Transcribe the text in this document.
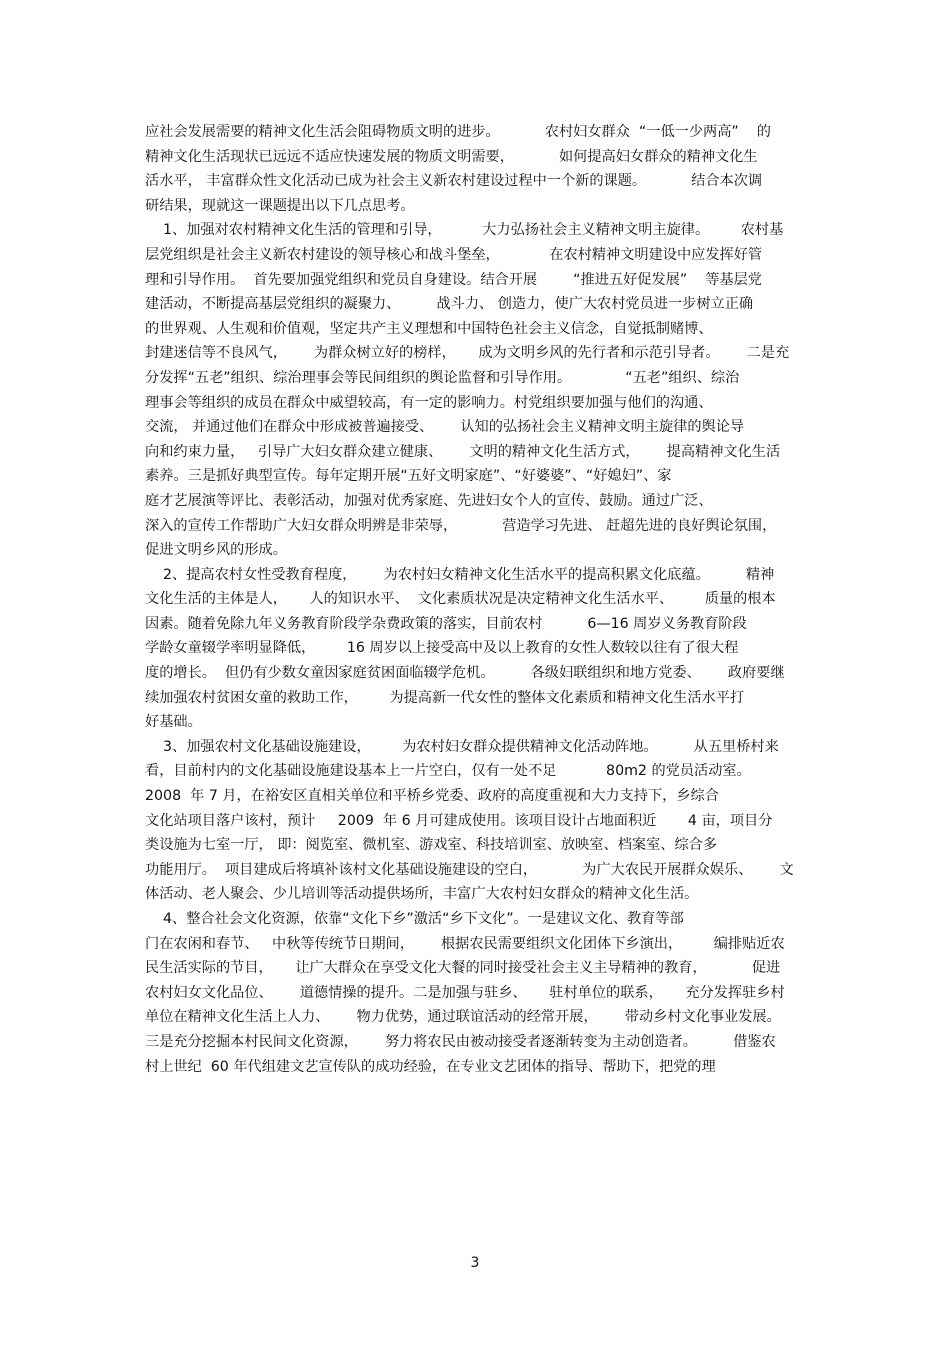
应社会发展需要的精神文化生活会阻碍物质文明的进步。          农村妇女群众  “一低一少两高”    的
精神文化生活现状已远远不适应快速发展的物质文明需要，          如何提高妇女群众的精神文化生
活水平， 丰富群众性文化活动已成为社会主义新农村建设过程中一个新的课题。          结合本次调
研结果，现就这一课题提出以下几点思考。
1、加强对农村精神文化生活的管理和引导，         大力弘扬社会主义精神文明主旋律。       农村基
层党组织是社会主义新农村建设的领导核心和战斗堡垒，           在农村精神文明建设中应发挥好管
理和引导作用。  首先要加强党组织和党员自身建设。结合开展        “推进五好促发展”    等基层党
建活动，不断提高基层党组织的凝聚力、        战斗力、 创造力，使广大农村党员进一步树立正确
的世界观、人生观和价值观，坚定共产主义理想和中国特色社会主义信念，自觉抵制赌博、
封建迷信等不良风气，      为群众树立好的榜样，     成为文明乡风的先行者和示范引导者。      二是充
分发挥“五老”组织、综治理事会等民间组织的舆论监督和引导作用。            “五老”组织、综治
理事会等组织的成员在群众中威望较高，有一定的影响力。村党组织要加强与他们的沟通、
交流， 并通过他们在群众中形成被普遍接受、      认知的弘扬社会主义精神文明主旋律的舆论导
向和约束力量，   引导广大妇女群众建立健康、      文明的精神文化生活方式，      提高精神文化生活
素养。三是抓好典型宣传。每年定期开展“五好文明家庭”、“好婆婆”、“好媳妇”、家
庭才艺展演等评比、表彰活动，加强对优秀家庭、先进妇女个人的宣传、鼓励。通过广泛、
深入的宣传工作帮助广大妇女群众明辨是非荣辱，          营造学习先进、 赶超先进的良好舆论氛围，
促进文明乡风的形成。
2、提高农村女性受教育程度，      为农村妇女精神文化生活水平的提高积累文化底蕴。        精神
文化生活的主体是人，     人的知识水平、  文化素质状况是决定精神文化生活水平、       质量的根本
因素。随着免除九年义务教育阶段学杂费政策的落实，目前农村          6—16 周岁义务教育阶段
学龄女童辍学率明显降低，       16 周岁以上接受高中及以上教育的女性人数较以往有了很大程
度的增长。  但仍有少数女童因家庭贫困面临辍学危机。        各级妇联组织和地方党委、      政府要继
续加强农村贫困女童的救助工作，       为提高新一代女性的整体文化素质和精神文化生活水平打
好基础。
3、加强农村文化基础设施建设，       为农村妇女群众提供精神文化活动阵地。        从五里桥村来
看，目前村内的文化基础设施建设基本上一片空白，仅有一处不足           80m2 的党员活动室。
2008  年 7 月，在裕安区直相关单位和平桥乡党委、政府的高度重视和大力支持下，乡综合
文化站项目落户该村，预计     2009  年 6 月可建成使用。该项目设计占地面积近       4 亩，项目分
类设施为七室一厅， 即：阅览室、微机室、游戏室、科技培训室、放映室、档案室、综合多
功能用厅。  项目建成后将填补该村文化基础设施建设的空白，          为广大农民开展群众娱乐、      文
体活动、老人聚会、少儿培训等活动提供场所，丰富广大农村妇女群众的精神文化生活。
4、整合社会文化资源，依靠“文化下乡”激活“乡下文化”。一是建议文化、教育等部
门在农闲和春节、   中秋等传统节日期间，      根据农民需要组织文化团体下乡演出，       编排贴近农
民生活实际的节目，     让广大群众在享受文化大餐的同时接受社会主义主导精神的教育，          促进
农村妇女文化品位、      道德情操的提升。二是加强与驻乡、     驻村单位的联系，     充分发挥驻乡村
单位在精神文化生活上人力、      物力优势，通过联谊活动的经常开展，      带动乡村文化事业发展。
三是充分挖掘本村民间文化资源，      努力将农民由被动接受者逐渐转变为主动创造者。        借鉴农
村上世纪  60 年代组建文艺宣传队的成功经验，在专业文艺团体的指导、帮助下，把党的理
3
